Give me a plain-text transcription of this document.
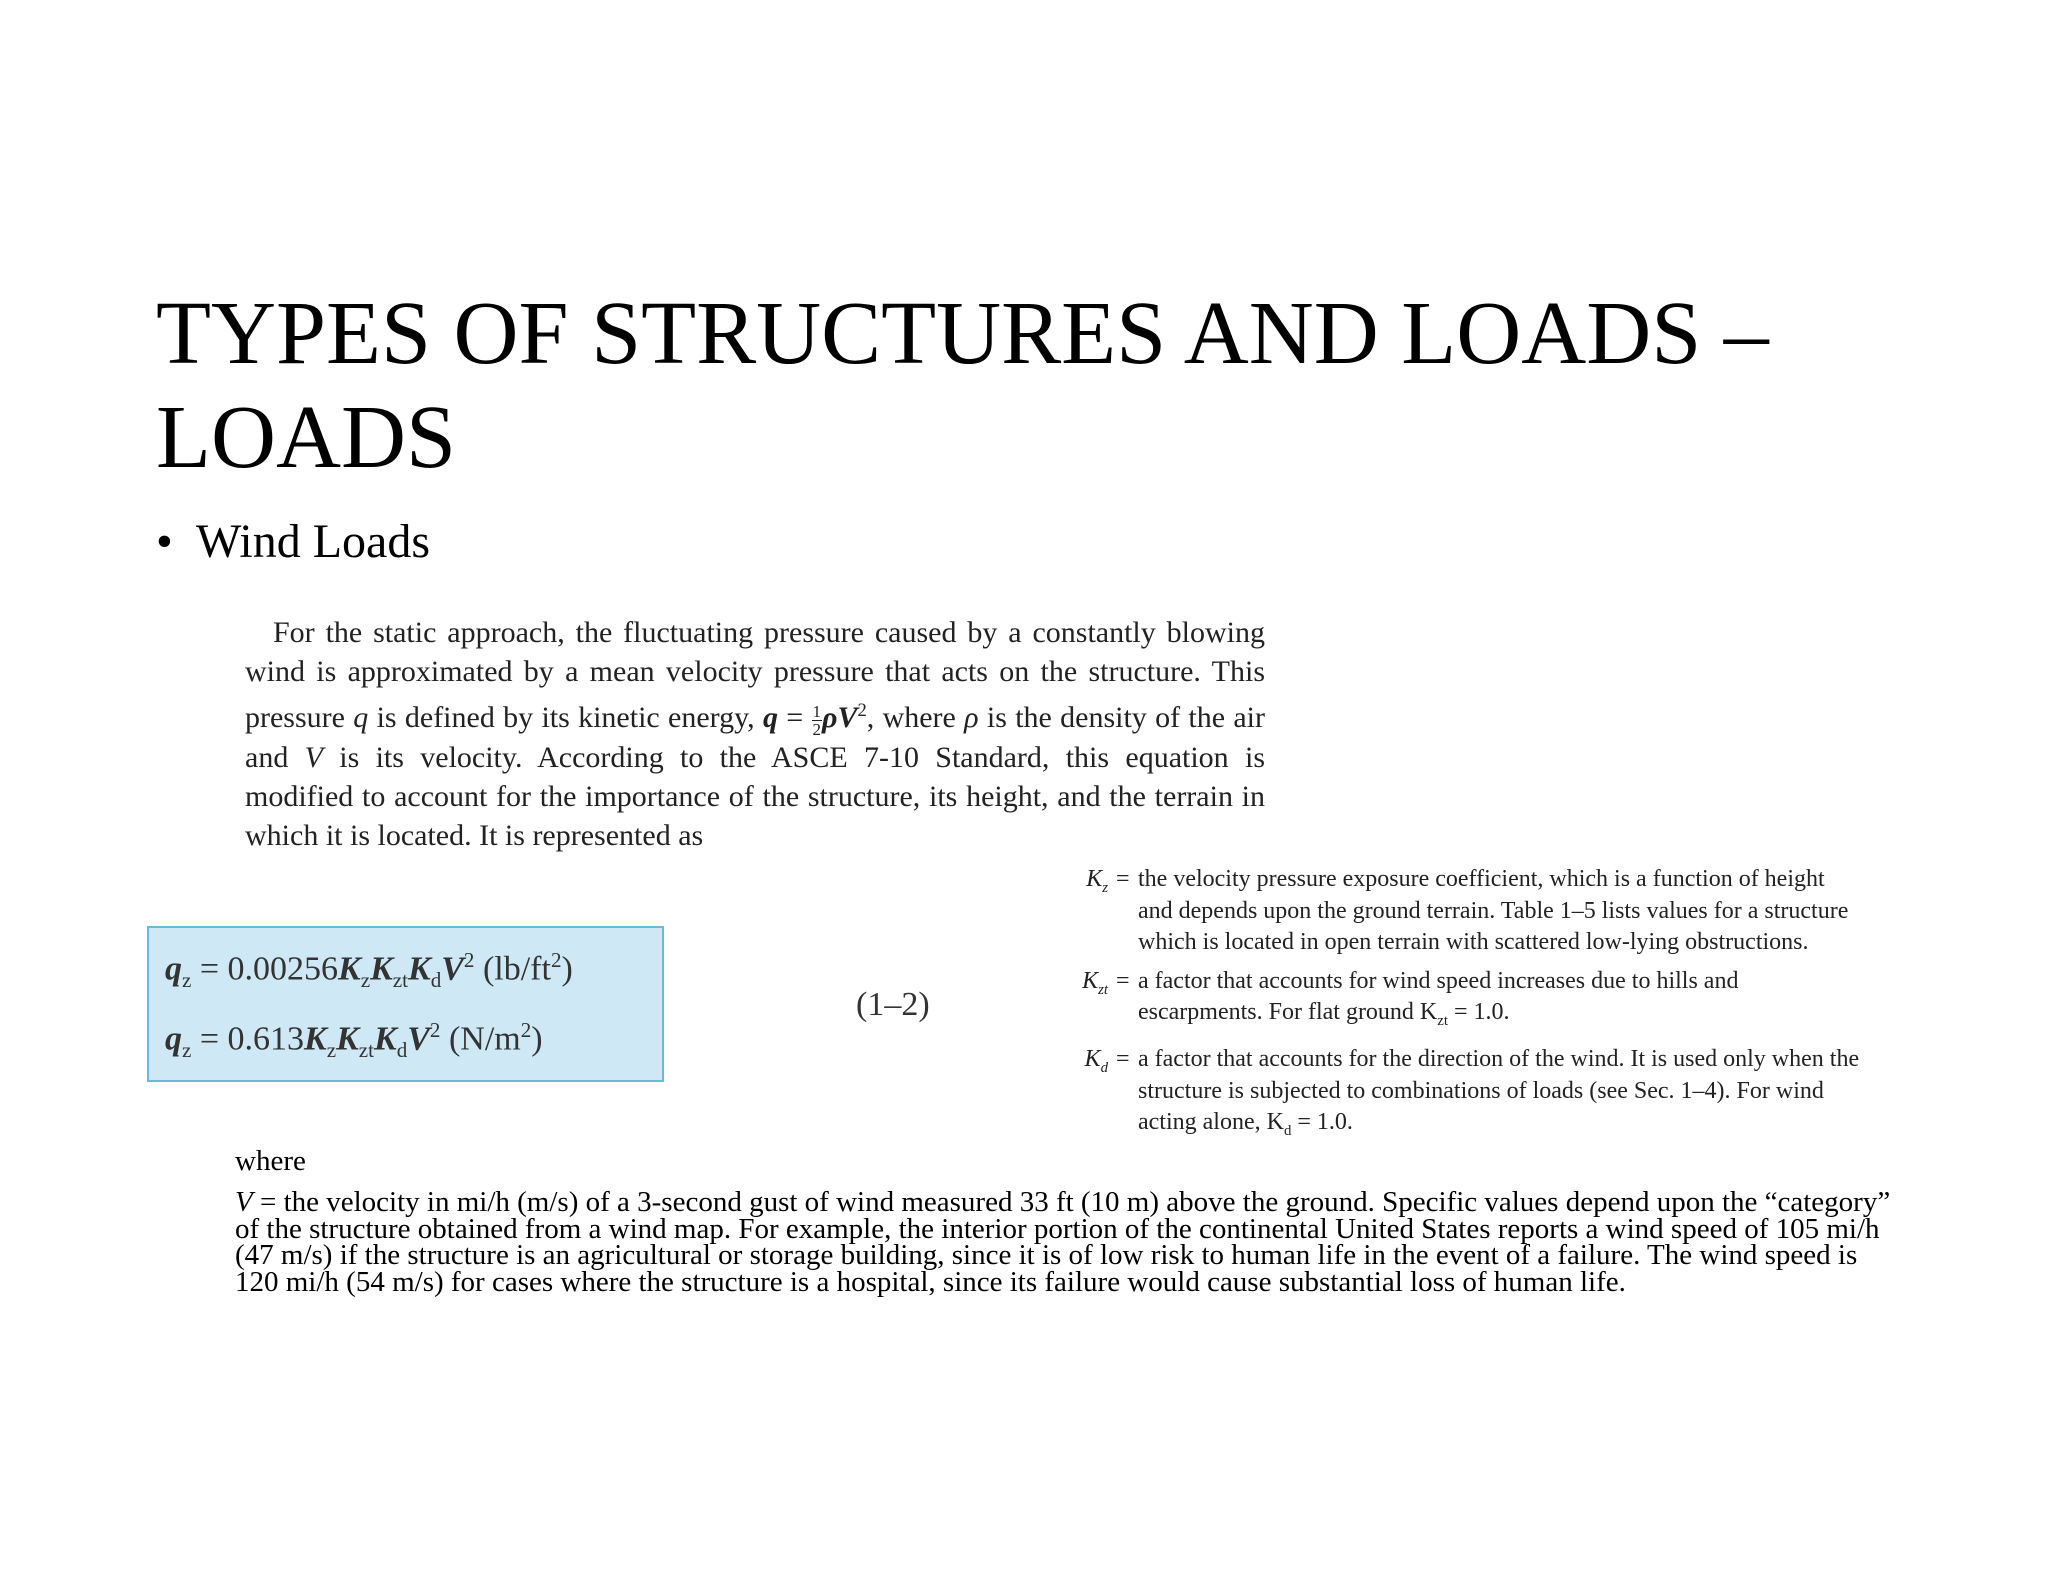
TYPES OF STRUCTURES AND LOADS – LOADS
• Wind Loads
For the static approach, the fluctuating pressure caused by a constantly blowing wind is approximated by a mean velocity pressure that acts on the structure. This pressure q is defined by its kinetic energy, $q = \frac{1}{2} \rho V^2$, where ρ is the density of the air and V is its velocity. According to the ASCE 7-10 Standard, this equation is modified to account for the importance of the structure, its height, and the terrain in which it is located. It is represented as
$q_z = 0.00256K_zK_{zt}K_dV^2$ $(lb/ft^2)$
$q_z = 0.613K_zK_{zt}K_dV^2$ $(N/m^2)$
(1–2)
$K_z$ = the velocity pressure exposure coefficient, which is a function of height and depends upon the ground terrain. Table 1–5 lists values for a structure which is located in open terrain with scattered low-lying obstructions.
$K_{zt} = a$ factor that accounts for wind speed increases due to hills and escarpments. For flat ground $K_{zt} = 1.0$.
$K_d = a$ factor that accounts for the direction of the wind. It is used only when the structure is subjected to combinations of loads (see Sec. 1–4). For wind acting alone, $K_d = 1.0$.
where
V = the velocity in mi/h (m/s) of a 3-second gust of wind measured 33 ft (10 m) above the ground. Specific values depend upon the “category” of the structure obtained from a wind map. For example, the interior portion of the continental United States reports a wind speed of 105 mi/h (47 m/s) if the structure is an agricultural or storage building, since it is of low risk to human life in the event of a failure. The wind speed is 120 mi/h (54 m/s) for cases where the structure is a hospital, since its failure would cause substantial loss of human life.
